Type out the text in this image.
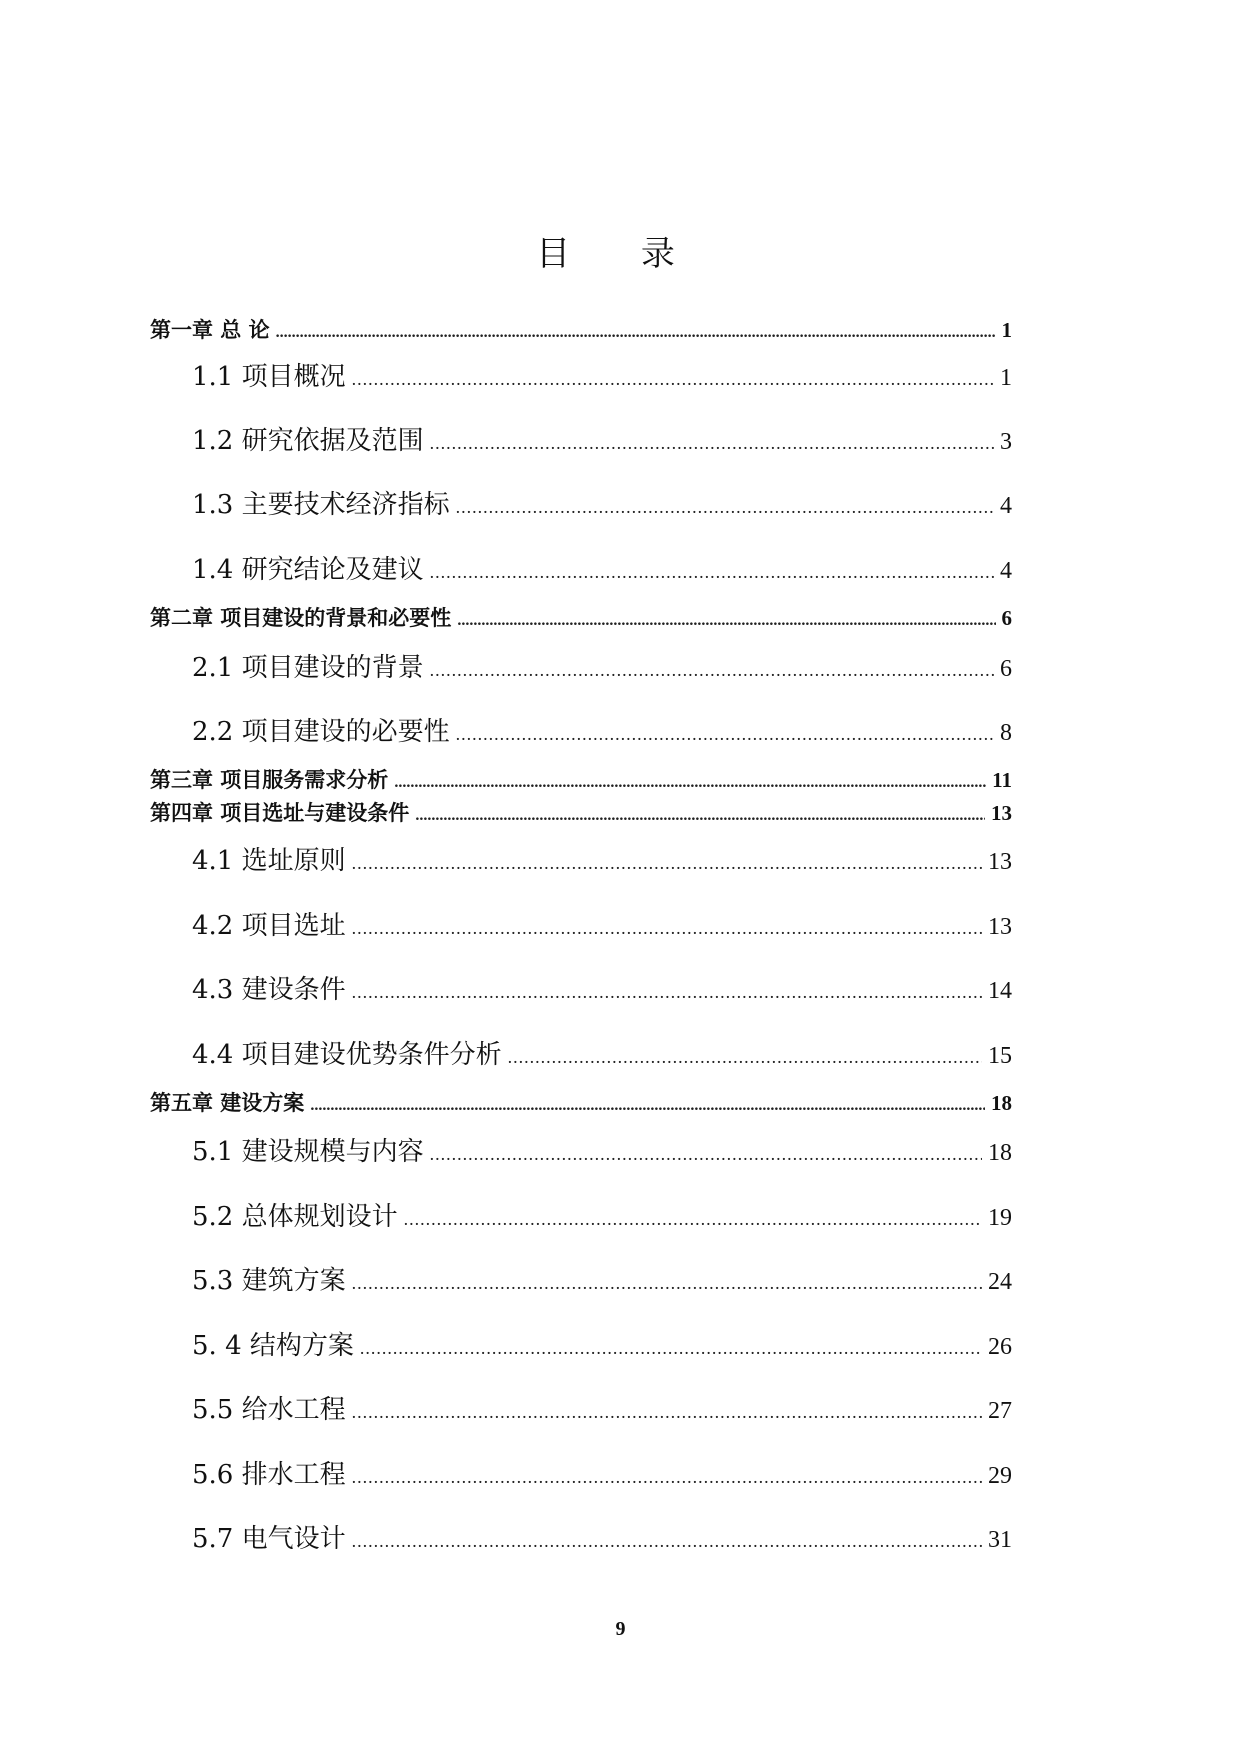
目 录
第一章 总 论 .....	1
1.1 项目概况 .....	1
1.2 研究依据及范围 .....	3
1.3 主要技术经济指标 .....	4
1.4 研究结论及建议 .....	4
第二章 项目建设的背景和必要性 .....	6
2.1 项目建设的背景 .....	6
2.2 项目建设的必要性 .....	8
第三章 项目服务需求分析 .....	11
第四章 项目选址与建设条件 .....	13
4.1 选址原则 .....	13
4.2 项目选址 .....	13
4.3 建设条件 .....	14
4.4 项目建设优势条件分析 .....	15
第五章 建设方案 .....	18
5.1 建设规模与内容 .....	18
5.2 总体规划设计 .....	19
5.3 建筑方案 .....	24
5. 4 结构方案 .....	26
5.5 给水工程 .....	27
5.6 排水工程 .....	29
5.7 电气设计 .....	31
9
